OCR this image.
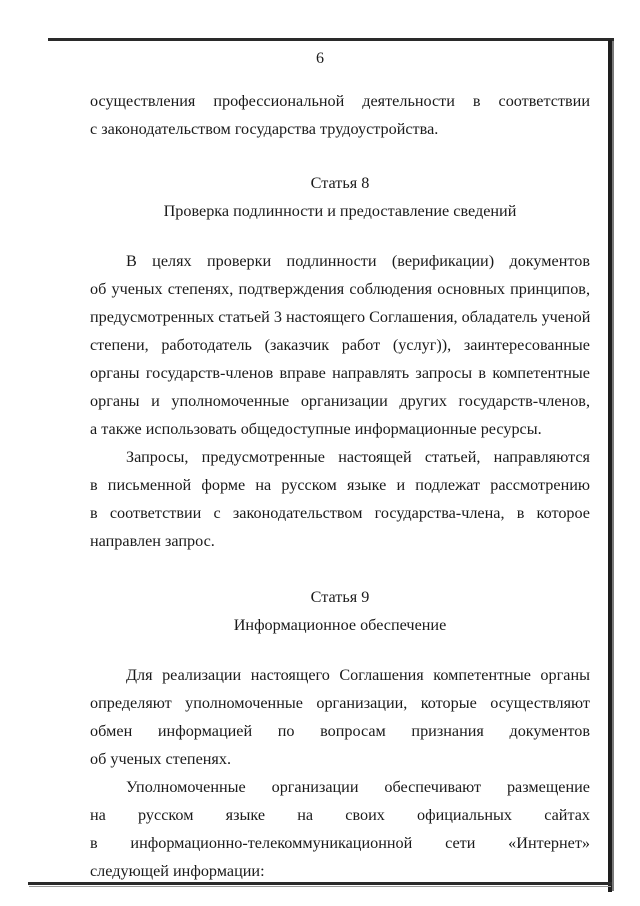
6

осуществления профессиональной деятельности в соответствии
с законодательством государства трудоустройства.

Статья 8
Проверка подлинности и предоставление сведений

В целях проверки подлинности (верификации) документов
об ученых степенях, подтверждения соблюдения основных принципов,
предусмотренных статьей 3 настоящего Соглашения, обладатель ученой
степени, работодатель (заказчик работ (услуг)), заинтересованные
органы государств-членов вправе направлять запросы в компетентные
органы и уполномоченные организации других государств-членов,
а также использовать общедоступные информационные ресурсы.

Запросы, предусмотренные настоящей статьей, направляются
в письменной форме на русском языке и подлежат рассмотрению
в соответствии с законодательством государства-члена, в которое
направлен запрос.

Статья 9
Информационное обеспечение

Для реализации настоящего Соглашения компетентные органы
определяют уполномоченные организации, которые осуществляют
обмен информацией по вопросам признания документов
об ученых степенях.

Уполномоченные организации обеспечивают размещение
на русском языке на своих официальных сайтах
в информационно-телекоммуникационной сети «Интернет»
следующей информации:
